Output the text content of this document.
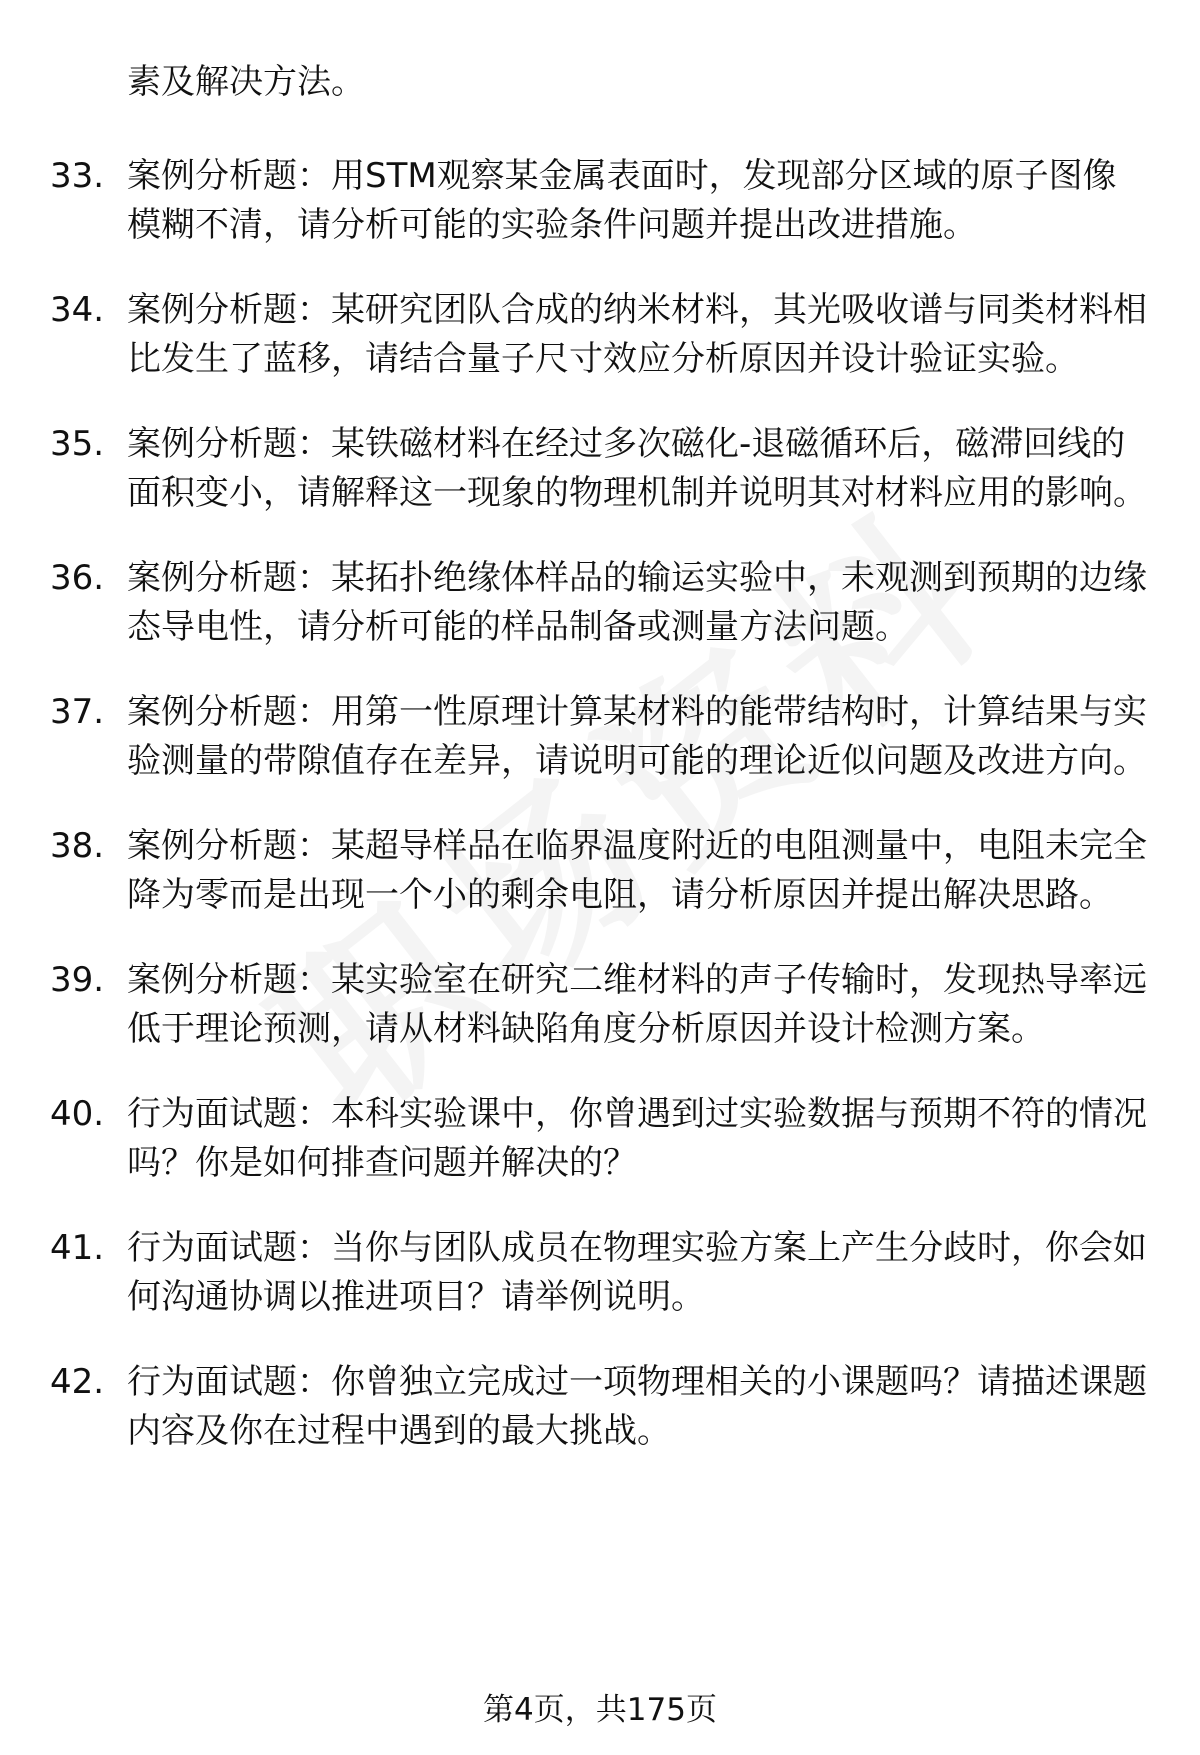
素及解决方法。
33. 案例分析题：用STM观察某金属表面时，发现部分区域的原子图像模糊不清，请分析可能的实验条件问题并提出改进措施。
34. 案例分析题：某研究团队合成的纳米材料，其光吸收谱与同类材料相比发生了蓝移，请结合量子尺寸效应分析原因并设计验证实验。
35. 案例分析题：某铁磁材料在经过多次磁化-退磁循环后，磁滞回线的面积变小，请解释这一现象的物理机制并说明其对材料应用的影响。
36. 案例分析题：某拓扑绝缘体样品的输运实验中，未观测到预期的边缘态导电性，请分析可能的样品制备或测量方法问题。
37. 案例分析题：用第一性原理计算某材料的能带结构时，计算结果与实验测量的带隙值存在差异，请说明可能的理论近似问题及改进方向。
38. 案例分析题：某超导样品在临界温度附近的电阻测量中，电阻未完全降为零而是出现一个小的剩余电阻，请分析原因并提出解决思路。
39. 案例分析题：某实验室在研究二维材料的声子传输时，发现热导率远低于理论预测，请从材料缺陷角度分析原因并设计检测方案。
40. 行为面试题：本科实验课中，你曾遇到过实验数据与预期不符的情况吗？你是如何排查问题并解决的？
41. 行为面试题：当你与团队成员在物理实验方案上产生分歧时，你会如何沟通协调以推进项目？请举例说明。
42. 行为面试题：你曾独立完成过一项物理相关的小课题吗？请描述课题内容及你在过程中遇到的最大挑战。
第4页，共175页
